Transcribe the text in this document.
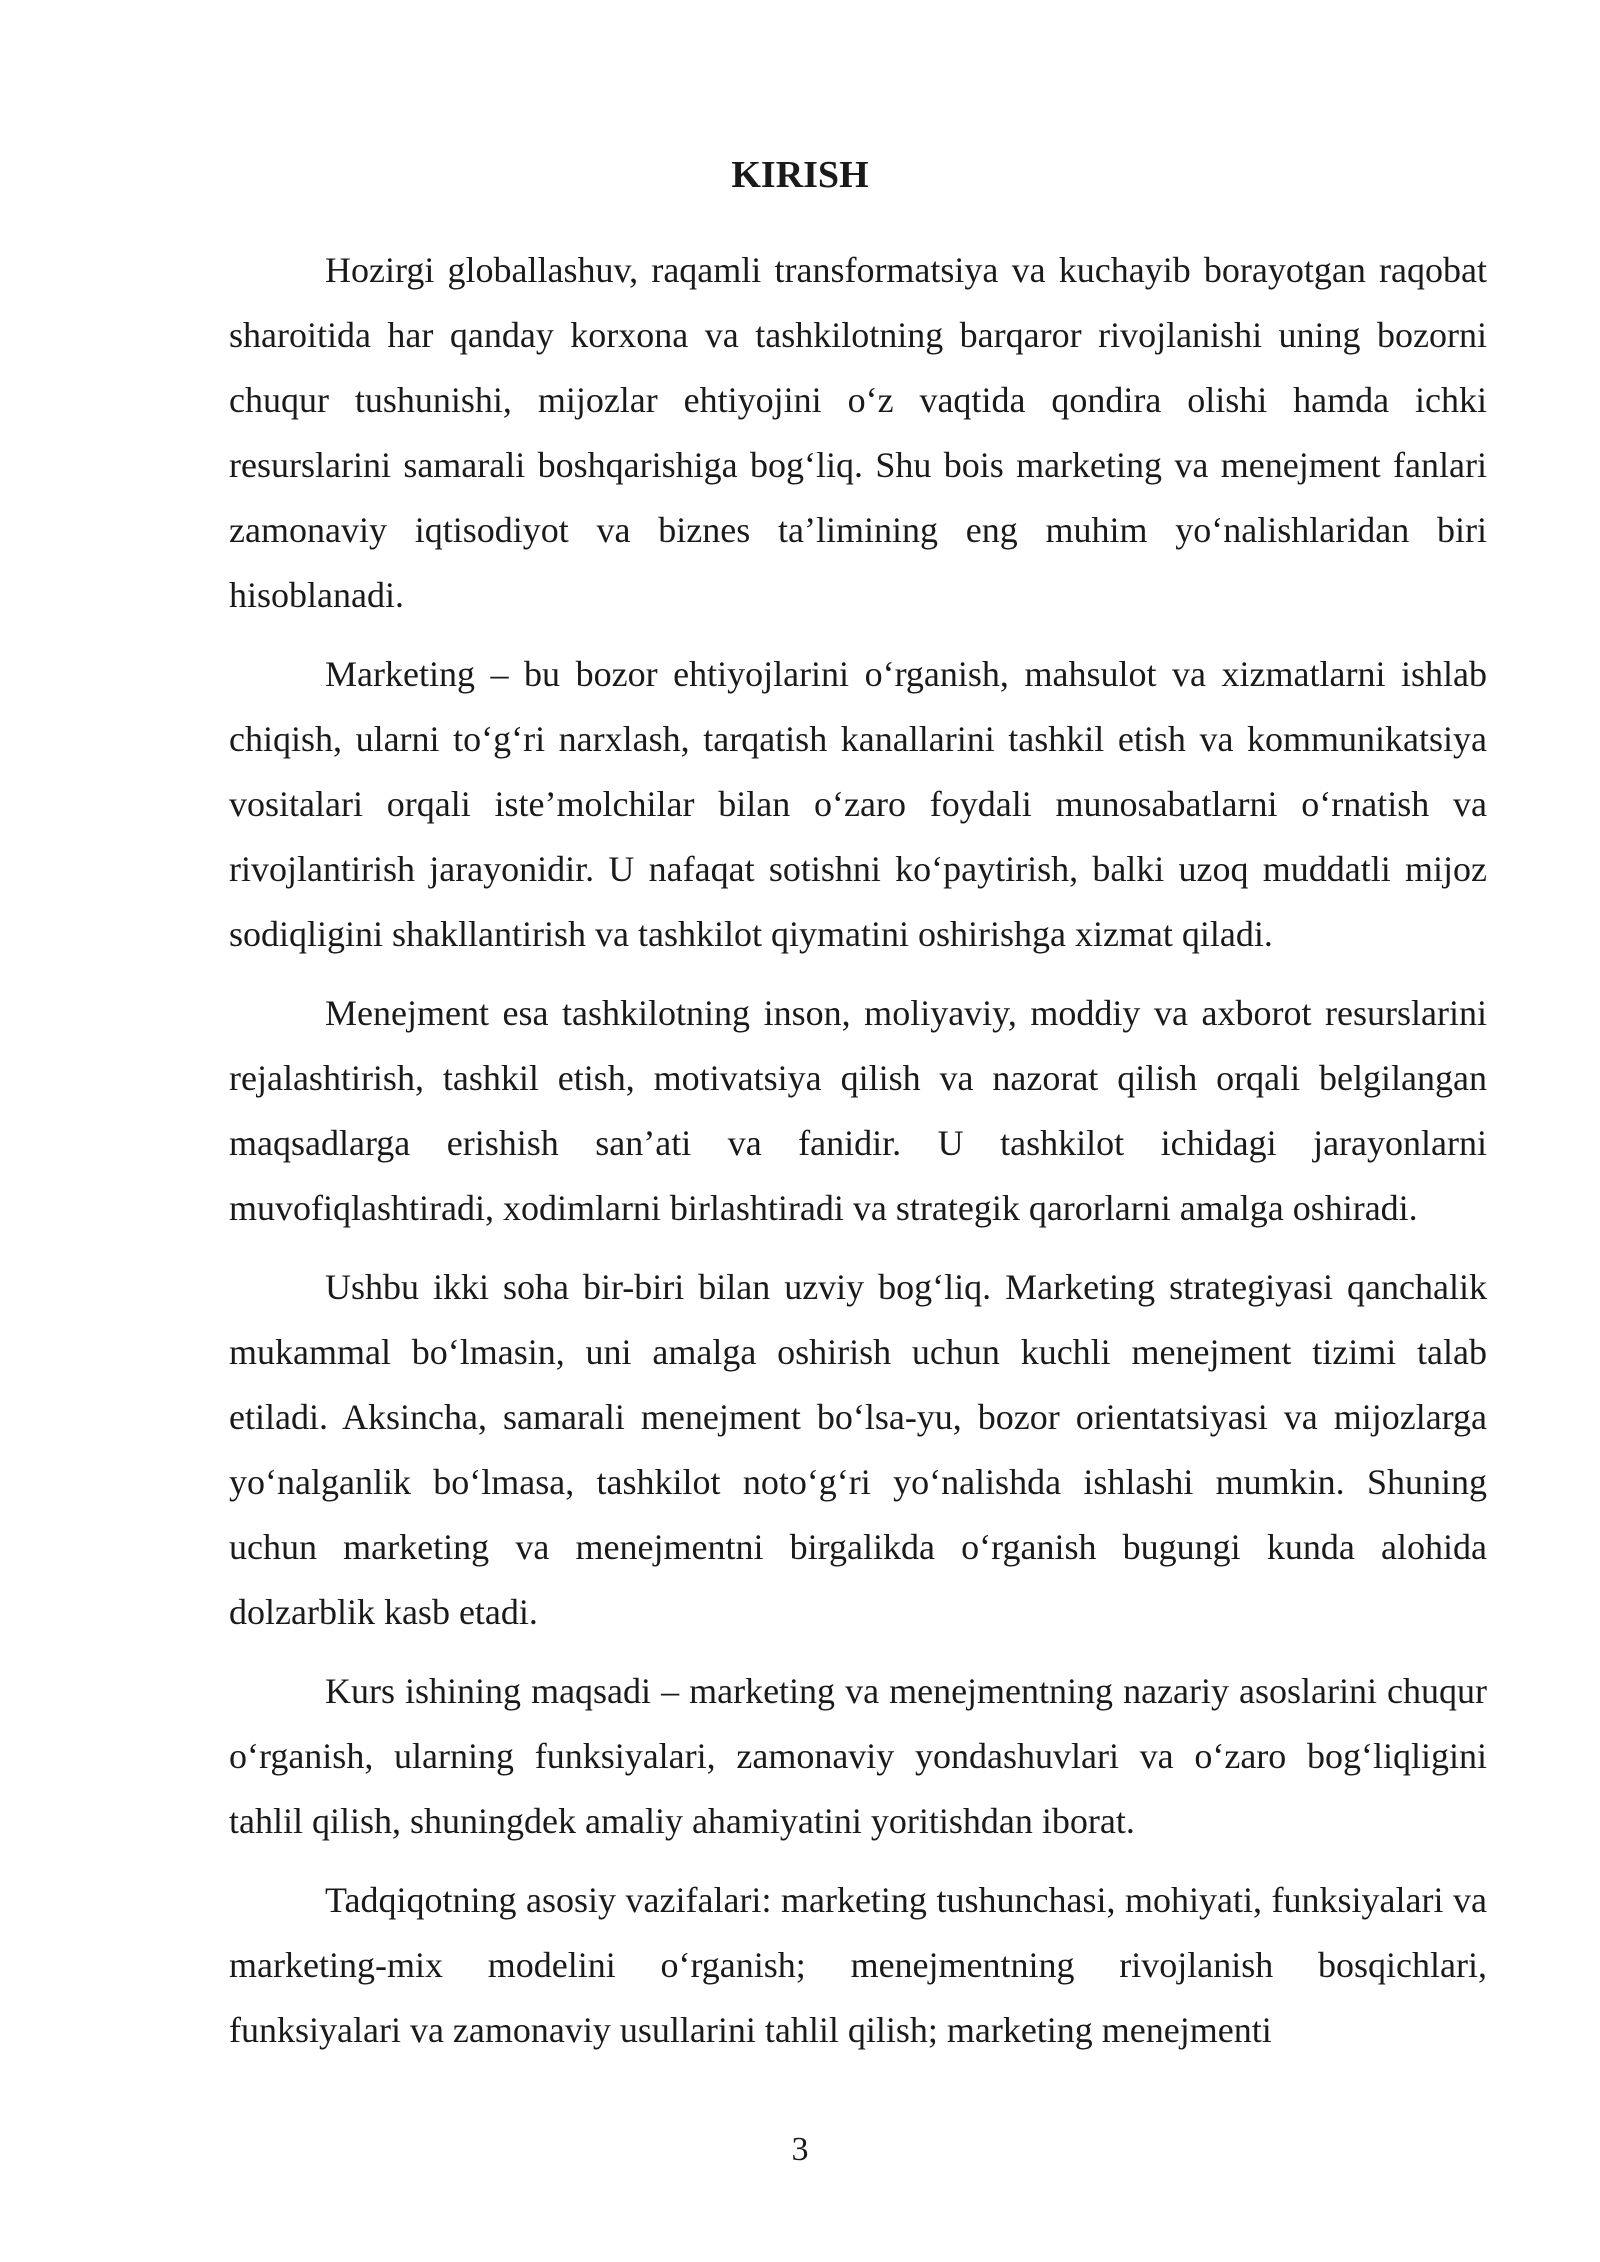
KIRISH

Hozirgi globallashuv, raqamli transformatsiya va kuchayib borayotgan raqobat sharoitida har qanday korxona va tashkilotning barqaror rivojlanishi uning bozorni chuqur tushunishi, mijozlar ehtiyojini o‘z vaqtida qondira olishi hamda ichki resurslarini samarali boshqarishiga bog‘liq. Shu bois marketing va menejment fanlari zamonaviy iqtisodiyot va biznes ta’limining eng muhim yo‘nalishlaridan biri hisoblanadi.

Marketing – bu bozor ehtiyojlarini o‘rganish, mahsulot va xizmatlarni ishlab chiqish, ularni to‘g‘ri narxlash, tarqatish kanallarini tashkil etish va kommunikatsiya vositalari orqali iste’molchilar bilan o‘zaro foydali munosabatlarni o‘rnatish va rivojlantirish jarayonidir. U nafaqat sotishni ko‘paytirish, balki uzoq muddatli mijoz sodiqligini shakllantirish va tashkilot qiymatini oshirishga xizmat qiladi.

Menejment esa tashkilotning inson, moliyaviy, moddiy va axborot resurslarini rejalashtirish, tashkil etish, motivatsiya qilish va nazorat qilish orqali belgilangan maqsadlarga erishish san’ati va fanidir. U tashkilot ichidagi jarayonlarni muvofiqlashtiradi, xodimlarni birlashtiradi va strategik qarorlarni amalga oshiradi.

Ushbu ikki soha bir-biri bilan uzviy bog‘liq. Marketing strategiyasi qanchalik mukammal bo‘lmasin, uni amalga oshirish uchun kuchli menejment tizimi talab etiladi. Aksincha, samarali menejment bo‘lsa-yu, bozor orientatsiyasi va mijozlarga yo‘nalganlik bo‘lmasa, tashkilot noto‘g‘ri yo‘nalishda ishlashi mumkin. Shuning uchun marketing va menejmentni birgalikda o‘rganish bugungi kunda alohida dolzarblik kasb etadi.

Kurs ishining maqsadi – marketing va menejmentning nazariy asoslarini chuqur o‘rganish, ularning funksiyalari, zamonaviy yondashuvlari va o‘zaro bog‘liqligini tahlil qilish, shuningdek amaliy ahamiyatini yoritishdan iborat.

Tadqiqotning asosiy vazifalari: marketing tushunchasi, mohiyati, funksiyalari va marketing-mix modelini o‘rganish; menejmentning rivojlanish bosqichlari, funksiyalari va zamonaviy usullarini tahlil qilish; marketing menejmenti

3
